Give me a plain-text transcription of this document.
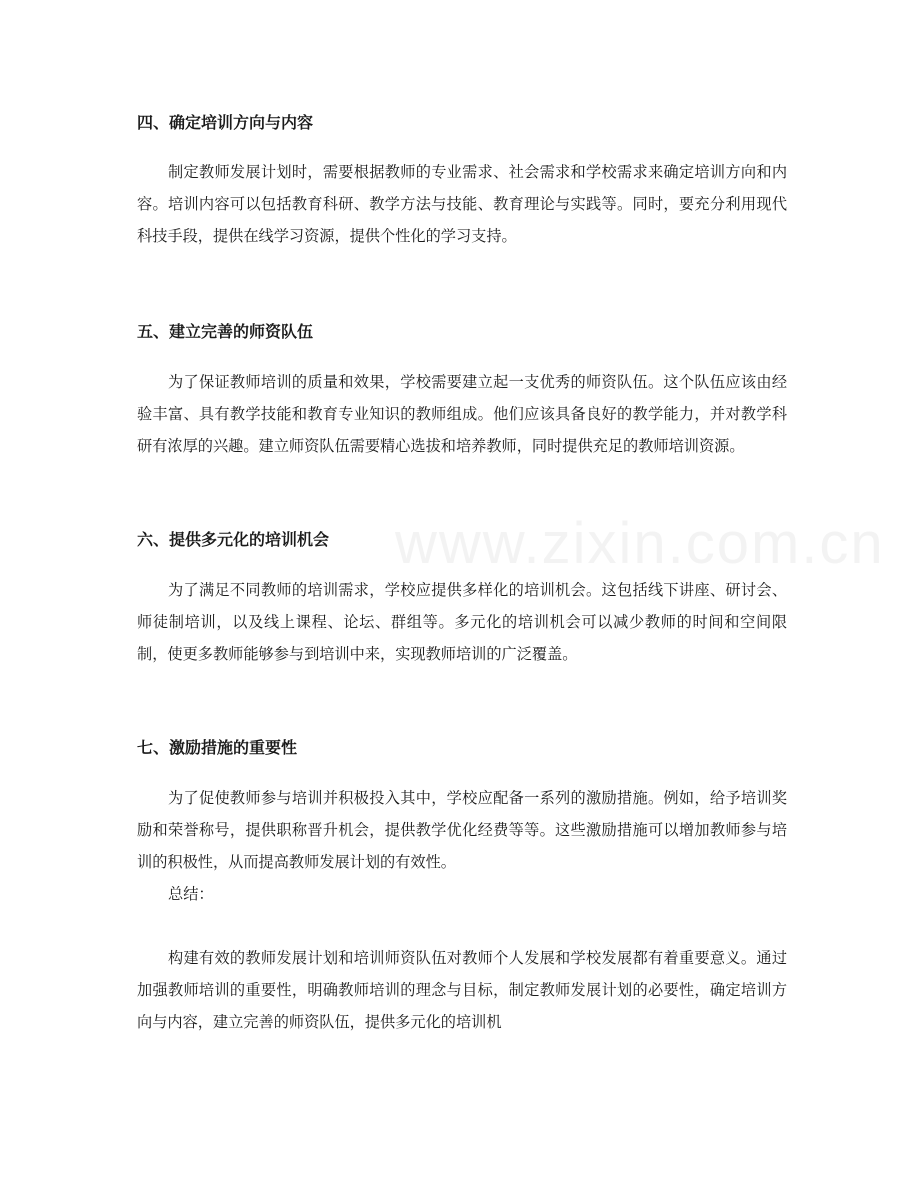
www.zixin.com.cn
四、确定培训方向与内容

制定教师发展计划时，需要根据教师的专业需求、社会需求和学校需求来确定培训方向和内容。培训内容可以包括教育科研、教学方法与技能、教育理论与实践等。同时，要充分利用现代科技手段，提供在线学习资源，提供个性化的学习支持。

五、建立完善的师资队伍

为了保证教师培训的质量和效果，学校需要建立起一支优秀的师资队伍。这个队伍应该由经验丰富、具有教学技能和教育专业知识的教师组成。他们应该具备良好的教学能力，并对教学科研有浓厚的兴趣。建立师资队伍需要精心选拔和培养教师，同时提供充足的教师培训资源。

六、提供多元化的培训机会

为了满足不同教师的培训需求，学校应提供多样化的培训机会。这包括线下讲座、研讨会、师徒制培训，以及线上课程、论坛、群组等。多元化的培训机会可以减少教师的时间和空间限制，使更多教师能够参与到培训中来，实现教师培训的广泛覆盖。

七、激励措施的重要性

为了促使教师参与培训并积极投入其中，学校应配备一系列的激励措施。例如，给予培训奖励和荣誉称号，提供职称晋升机会，提供教学优化经费等等。这些激励措施可以增加教师参与培训的积极性，从而提高教师发展计划的有效性。

总结：

构建有效的教师发展计划和培训师资队伍对教师个人发展和学校发展都有着重要意义。通过加强教师培训的重要性，明确教师培训的理念与目标，制定教师发展计划的必要性，确定培训方向与内容，建立完善的师资队伍，提供多元化的培训机
